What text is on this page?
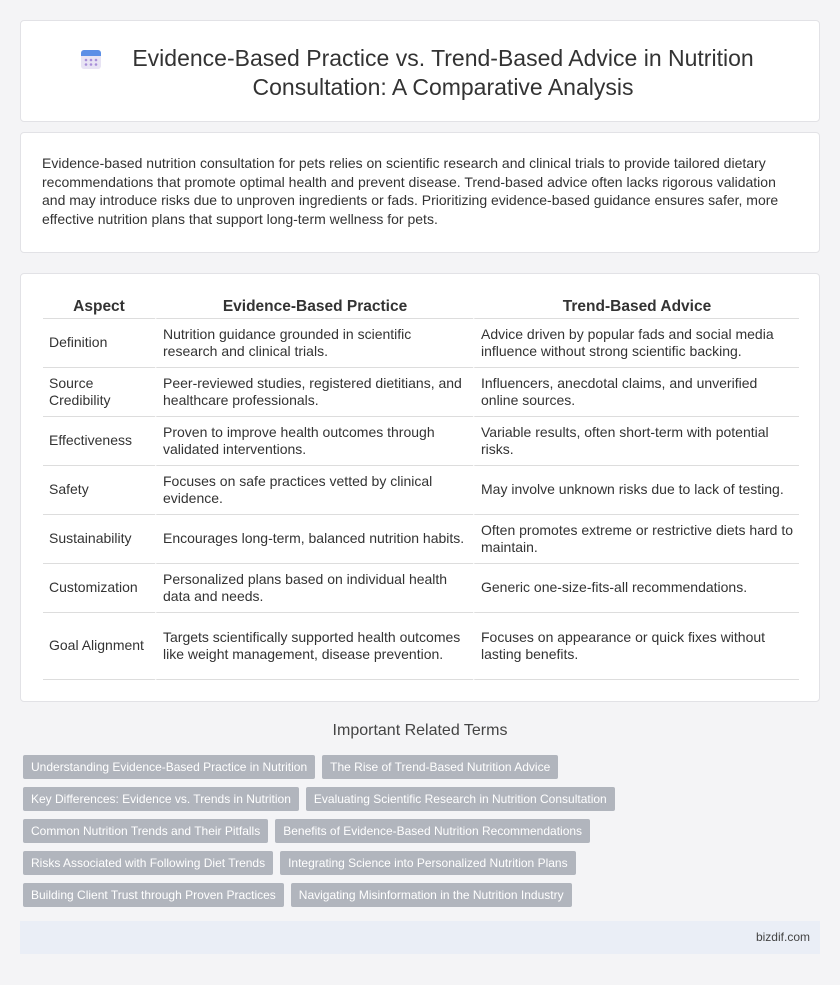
Evidence-Based Practice vs. Trend-Based Advice in Nutrition Consultation: A Comparative Analysis

Evidence-based nutrition consultation for pets relies on scientific research and clinical trials to provide tailored dietary recommendations that promote optimal health and prevent disease. Trend-based advice often lacks rigorous validation and may introduce risks due to unproven ingredients or fads. Prioritizing evidence-based guidance ensures safer, more effective nutrition plans that support long-term wellness for pets.

Aspect	Evidence-Based Practice	Trend-Based Advice
Definition	Nutrition guidance grounded in scientific research and clinical trials.	Advice driven by popular fads and social media influence without strong scientific backing.
Source Credibility	Peer-reviewed studies, registered dietitians, and healthcare professionals.	Influencers, anecdotal claims, and unverified online sources.
Effectiveness	Proven to improve health outcomes through validated interventions.	Variable results, often short-term with potential risks.
Safety	Focuses on safe practices vetted by clinical evidence.	May involve unknown risks due to lack of testing.
Sustainability	Encourages long-term, balanced nutrition habits.	Often promotes extreme or restrictive diets hard to maintain.
Customization	Personalized plans based on individual health data and needs.	Generic one-size-fits-all recommendations.
Goal Alignment	Targets scientifically supported health outcomes like weight management, disease prevention.	Focuses on appearance or quick fixes without lasting benefits.
Important Related Terms
Understanding Evidence-Based Practice in Nutrition	The Rise of Trend-Based Nutrition Advice
Key Differences: Evidence vs. Trends in Nutrition	Evaluating Scientific Research in Nutrition Consultation
Common Nutrition Trends and Their Pitfalls	Benefits of Evidence-Based Nutrition Recommendations
Risks Associated with Following Diet Trends	Integrating Science into Personalized Nutrition Plans
Building Client Trust through Proven Practices	Navigating Misinformation in the Nutrition Industry
bizdif.com
